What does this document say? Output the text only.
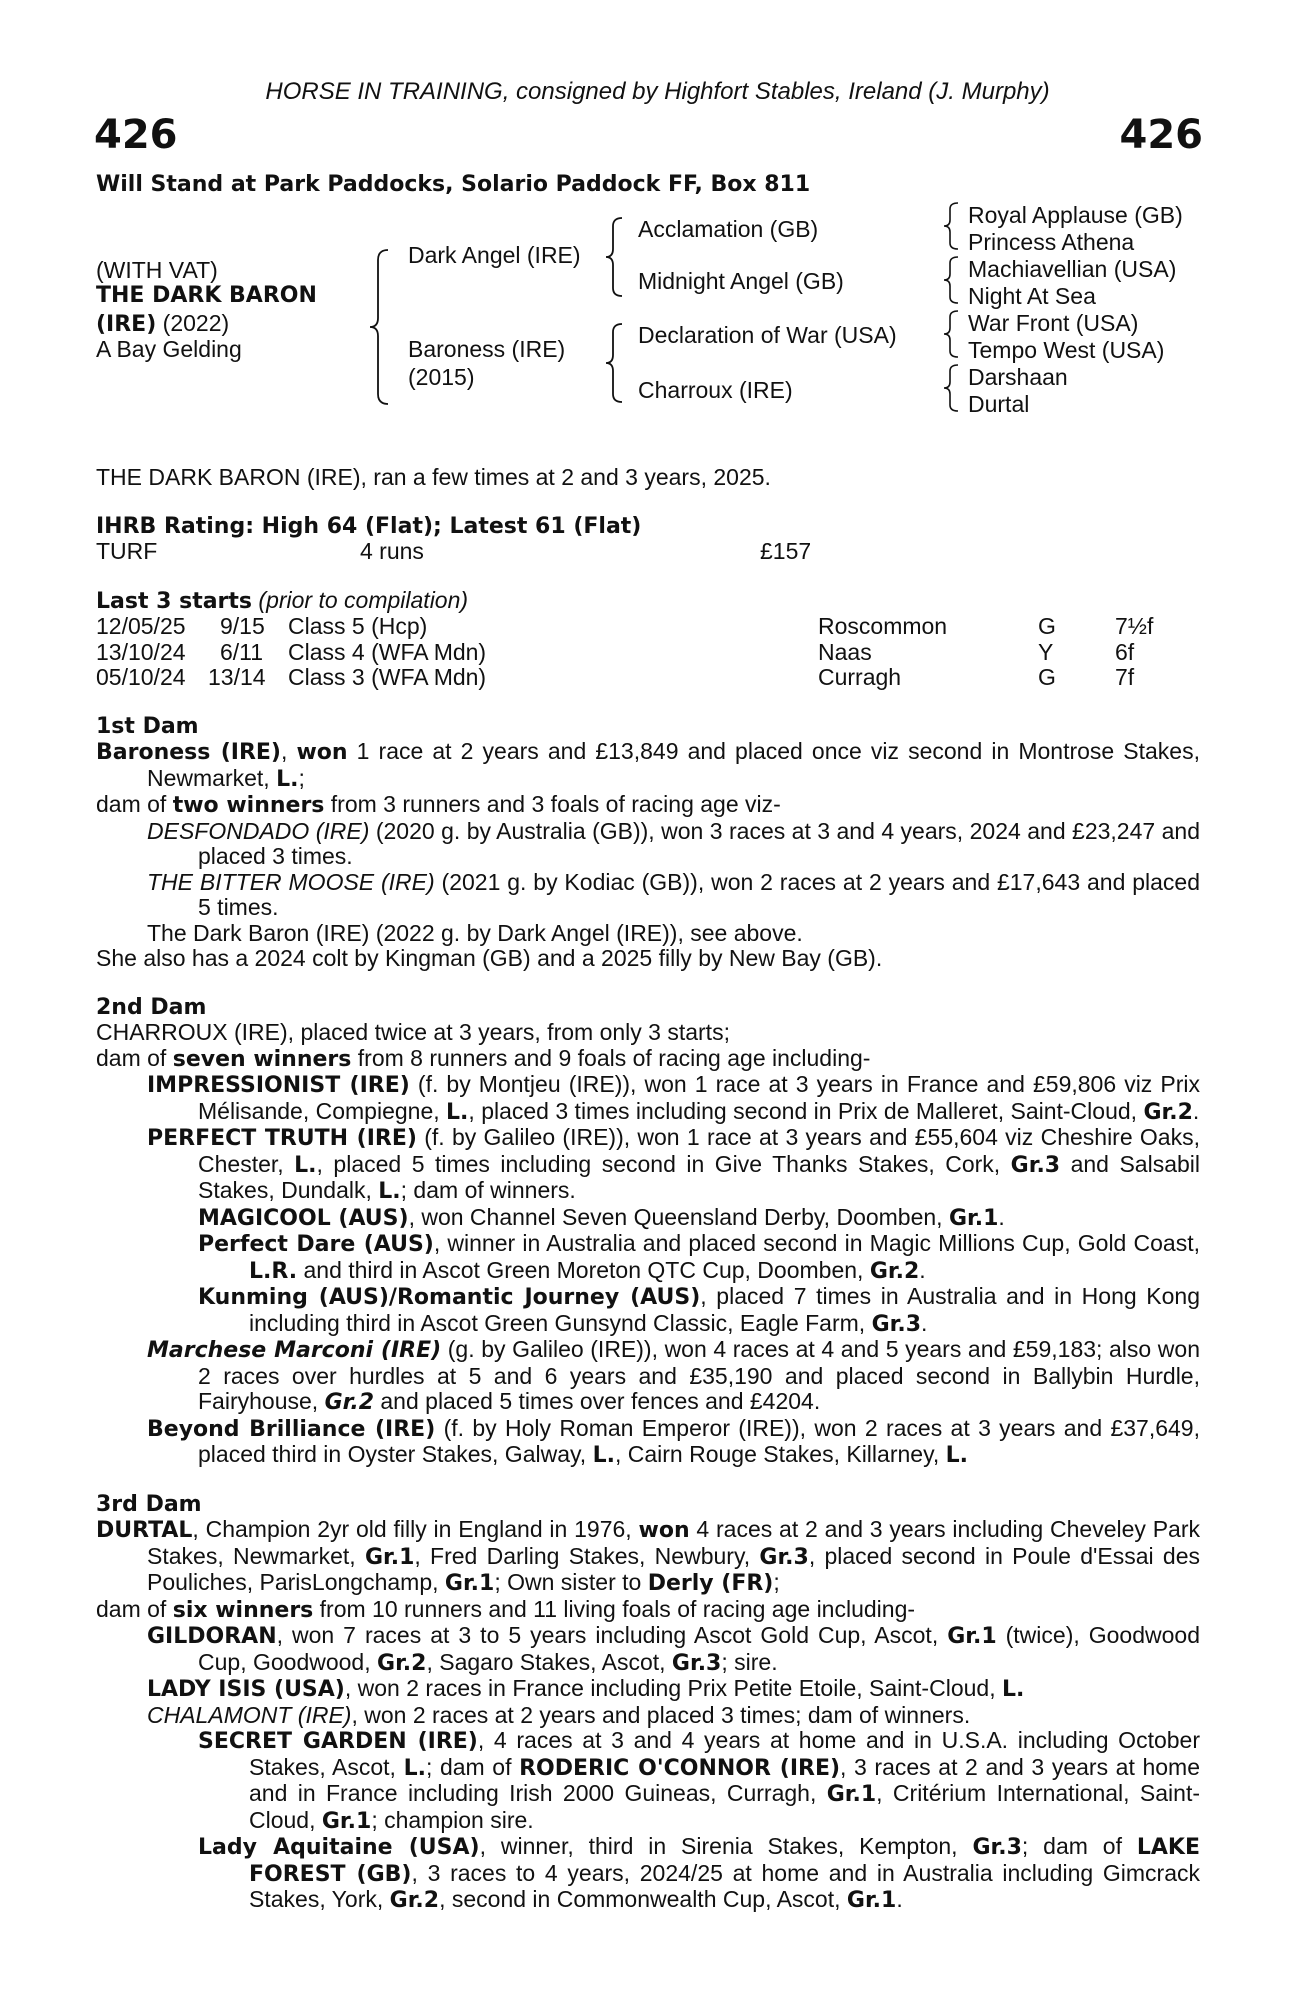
HORSE IN TRAINING, consigned by Highfort Stables, Ireland (J. Murphy)
426	426
Will Stand at Park Paddocks, Solario Paddock FF, Box 811
(WITH VAT)
THE DARK BARON
(IRE) (2022)
A Bay Gelding
Dark Angel (IRE)
Baroness (IRE)
(2015)
Acclamation (GB)
Midnight Angel (GB)
Declaration of War (USA)
Charroux (IRE)
Royal Applause (GB)
Princess Athena
Machiavellian (USA)
Night At Sea
War Front (USA)
Tempo West (USA)
Darshaan
Durtal

THE DARK BARON (IRE), ran a few times at 2 and 3 years, 2025.

IHRB Rating: High 64 (Flat); Latest 61 (Flat)

TURF	4 runs	£157

Last 3 starts (prior to compilation)

12/05/25 9/15 Class 5 (Hcp)	Roscommon	G	7½f
13/10/24 6/11 Class 4 (WFA Mdn)	Naas	Y	6f
05/10/24 13/14 Class 3 (WFA Mdn)	Curragh	G	7f

1st Dam

Baroness (IRE), won 1 race at 2 years and £13,849 and placed once viz second in Montrose Stakes, Newmarket, L.;

dam of two winners from 3 runners and 3 foals of racing age viz-

DESFONDADO (IRE) (2020 g. by Australia (GB)), won 3 races at 3 and 4 years, 2024 and £23,247 and placed 3 times.

THE BITTER MOOSE (IRE) (2021 g. by Kodiac (GB)), won 2 races at 2 years and £17,643 and placed 5 times.

The Dark Baron (IRE) (2022 g. by Dark Angel (IRE)), see above.

She also has a 2024 colt by Kingman (GB) and a 2025 filly by New Bay (GB).

2nd Dam

CHARROUX (IRE), placed twice at 3 years, from only 3 starts;

dam of seven winners from 8 runners and 9 foals of racing age including-

IMPRESSIONIST (IRE) (f. by Montjeu (IRE)), won 1 race at 3 years in France and £59,806 viz Prix Mélisande, Compiegne, L., placed 3 times including second in Prix de Malleret, Saint-Cloud, Gr.2.

PERFECT TRUTH (IRE) (f. by Galileo (IRE)), won 1 race at 3 years and £55,604 viz Cheshire Oaks, Chester, L., placed 5 times including second in Give Thanks Stakes, Cork, Gr.3 and Salsabil Stakes, Dundalk, L.; dam of winners.

MAGICOOL (AUS), won Channel Seven Queensland Derby, Doomben, Gr.1.

Perfect Dare (AUS), winner in Australia and placed second in Magic Millions Cup, Gold Coast, L.R. and third in Ascot Green Moreton QTC Cup, Doomben, Gr.2.

Kunming (AUS)/Romantic Journey (AUS), placed 7 times in Australia and in Hong Kong including third in Ascot Green Gunsynd Classic, Eagle Farm, Gr.3.

Marchese Marconi (IRE) (g. by Galileo (IRE)), won 4 races at 4 and 5 years and £59,183; also won 2 races over hurdles at 5 and 6 years and £35,190 and placed second in Ballybin Hurdle, Fairyhouse, Gr.2 and placed 5 times over fences and £4204.

Beyond Brilliance (IRE) (f. by Holy Roman Emperor (IRE)), won 2 races at 3 years and £37,649, placed third in Oyster Stakes, Galway, L., Cairn Rouge Stakes, Killarney, L.

3rd Dam

DURTAL, Champion 2yr old filly in England in 1976, won 4 races at 2 and 3 years including Cheveley Park Stakes, Newmarket, Gr.1, Fred Darling Stakes, Newbury, Gr.3, placed second in Poule d'Essai des Pouliches, ParisLongchamp, Gr.1; Own sister to Derly (FR);

dam of six winners from 10 runners and 11 living foals of racing age including-

GILDORAN, won 7 races at 3 to 5 years including Ascot Gold Cup, Ascot, Gr.1 (twice), Goodwood Cup, Goodwood, Gr.2, Sagaro Stakes, Ascot, Gr.3; sire.

LADY ISIS (USA), won 2 races in France including Prix Petite Etoile, Saint-Cloud, L.

CHALAMONT (IRE), won 2 races at 2 years and placed 3 times; dam of winners.

SECRET GARDEN (IRE), 4 races at 3 and 4 years at home and in U.S.A. including October Stakes, Ascot, L.; dam of RODERIC O'CONNOR (IRE), 3 races at 2 and 3 years at home and in France including Irish 2000 Guineas, Curragh, Gr.1, Critérium International, Saint-Cloud, Gr.1; champion sire.

Lady Aquitaine (USA), winner, third in Sirenia Stakes, Kempton, Gr.3; dam of LAKE FOREST (GB), 3 races to 4 years, 2024/25 at home and in Australia including Gimcrack Stakes, York, Gr.2, second in Commonwealth Cup, Ascot, Gr.1.
